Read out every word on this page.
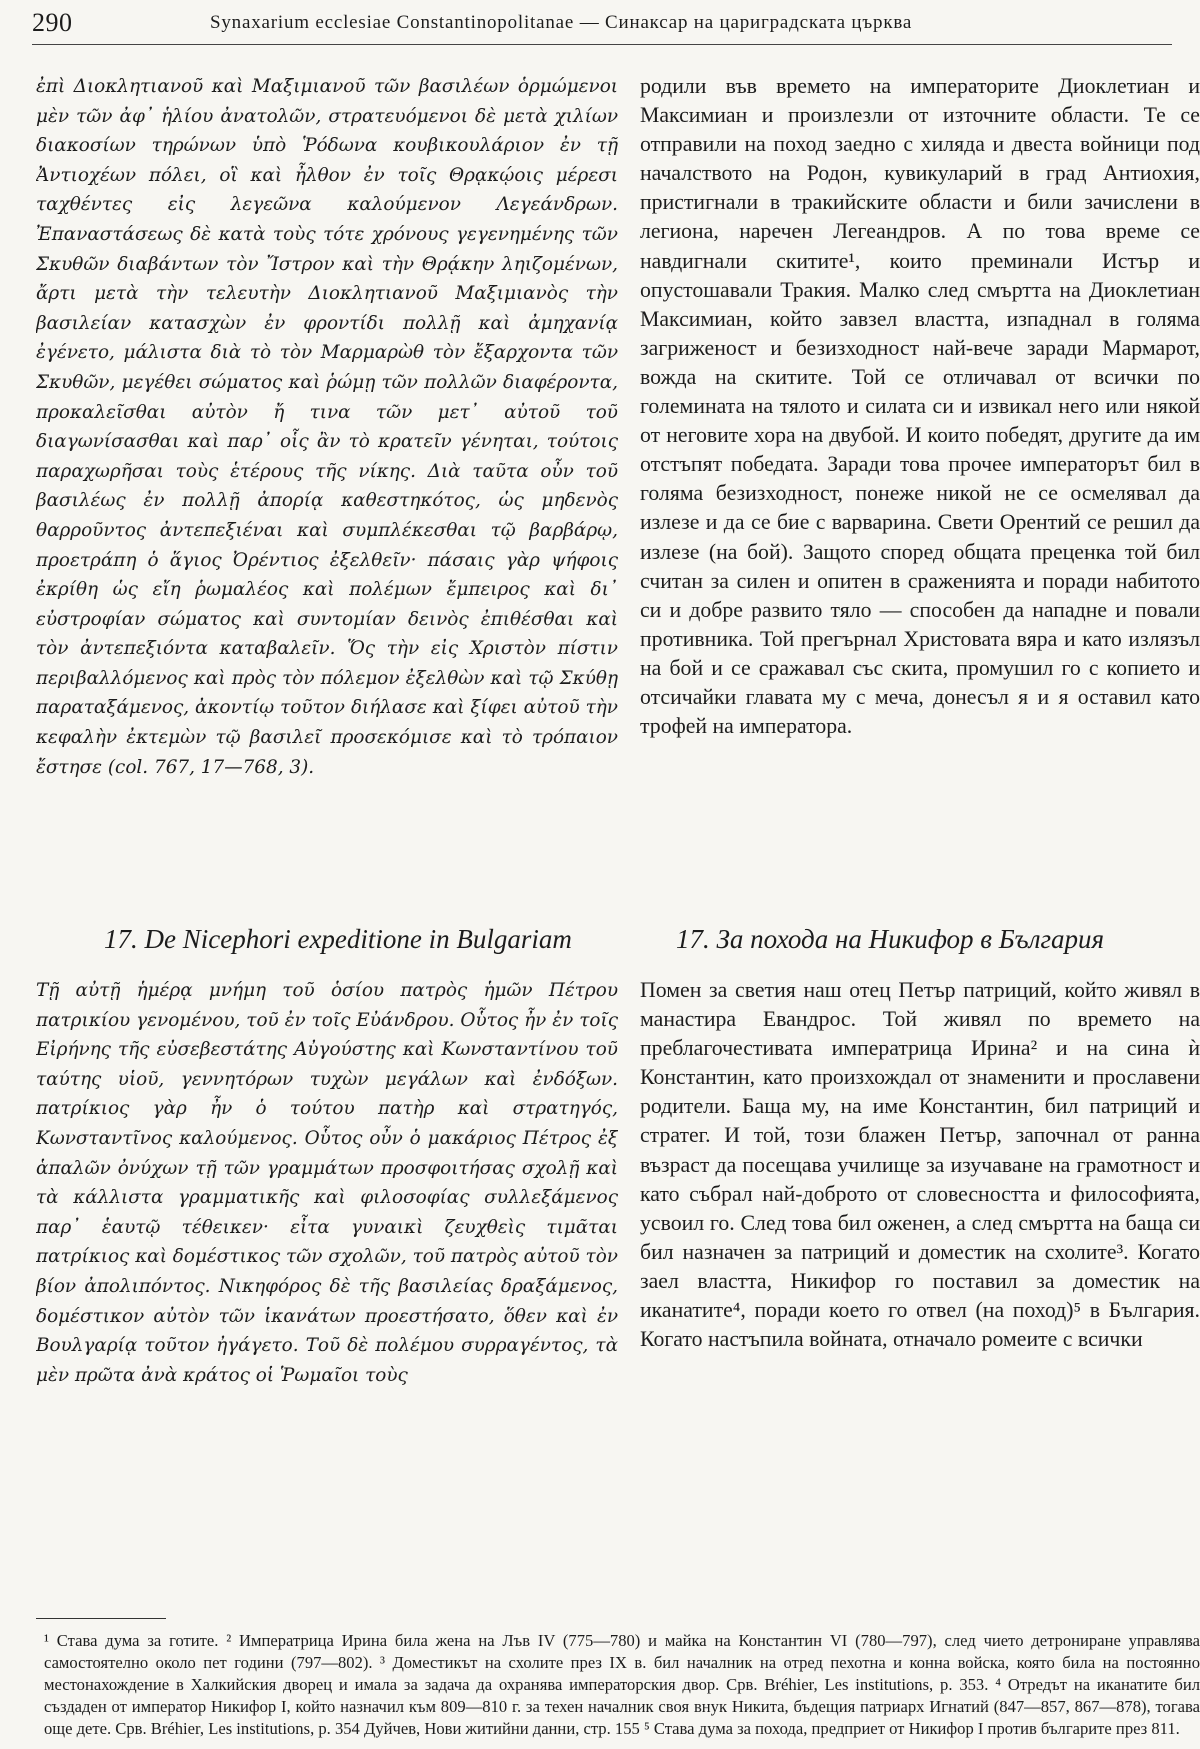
290	Synaxarium ecclesiae Constantinopolitanae — Синаксар на цариградската църква

ἐπὶ Διοκλητιανοῦ καὶ Μαξιμιανοῦ τῶν βασιλέων ὁρμώμενοι μὲν τῶν ἀφ᾽ ἡλίου ἀνατολῶν, στρατευόμενοι δὲ μετὰ χιλίων διακοσίων τηρώνων ὑπὸ Ῥόδωνα κουβικουλάριον ἐν τῇ Ἀντιοχέων πόλει, οἳ καὶ ἦλθον ἐν τοῖς Θρᾳκῴοις μέρεσι ταχθέντες εἰς λεγεῶνα καλούμενον Λεγεάνδρων. Ἐπαναστάσεως δὲ κατὰ τοὺς τότε χρόνους γεγενημένης τῶν Σκυθῶν διαβάντων τὸν Ἴστρον καὶ τὴν Θρᾴκην ληιζομένων, ἄρτι μετὰ τὴν τελευτὴν Διοκλητιανοῦ Μαξιμιανὸς τὴν βασιλείαν κατασχὼν ἐν φροντίδι πολλῇ καὶ ἀμηχανίᾳ ἐγένετο, μάλιστα διὰ τὸ τὸν Μαρμαρὼθ τὸν ἔξαρχοντα τῶν Σκυθῶν, μεγέθει σώματος καὶ ῥώμῃ τῶν πολλῶν διαφέροντα, προκαλεῖσθαι αὐτὸν ἤ τινα τῶν μετ᾽ αὐτοῦ τοῦ διαγωνίσασθαι καὶ παρ᾽ οἷς ἂν τὸ κρατεῖν γένηται, τούτοις παραχωρῆσαι τοὺς ἑτέρους τῆς νίκης. Διὰ ταῦτα οὖν τοῦ βασιλέως ἐν πολλῇ ἀπορίᾳ καθεστηκότος, ὡς μηδενὸς θαρροῦντος ἀντεπεξιέναι καὶ συμπλέκεσθαι τῷ βαρβάρῳ, προετράπη ὁ ἅγιος Ὀρέντιος ἐξελθεῖν· πάσαις γὰρ ψήφοις ἐκρίθη ὡς εἴη ῥωμαλέος καὶ πολέμων ἔμπειρος καὶ δι᾽ εὐστροφίαν σώματος καὶ συντομίαν δεινὸς ἐπιθέσθαι καὶ τὸν ἀντεπεξιόντα καταβαλεῖν. Ὅς τὴν εἰς Χριστὸν πίστιν περιβαλλόμενος καὶ πρὸς τὸν πόλεμον ἐξελθὼν καὶ τῷ Σκύθῃ παραταξάμενος, ἀκοντίῳ τοῦτον διήλασε καὶ ξίφει αὐτοῦ τὴν κεφαλὴν ἐκτεμὼν τῷ βασιλεῖ προσεκόμισε καὶ τὸ τρόπαιον ἔστησε (col. 767, 17—768, 3).

родили във времето на императорите Диоклетиан и Максимиан и произлезли от източните области. Те се отправили на поход заедно с хиляда и двеста войници под началството на Родон, кувикуларий в град Антиохия, пристигнали в тракийските области и били зачислени в легиона, наречен Легеандров. А по това време се навдигнали скитите¹, които преминали Истър и опустошавали Тракия. Малко след смъртта на Диоклетиан Максимиан, който завзел властта, изпаднал в голяма загриженост и безизходност най-вече заради Мармарот, вожда на скитите. Той се отличавал от всички по големината на тялото и силата си и извикал него или някой от неговите хора на двубой. И които победят, другите да им отстъпят победата. Заради това прочее императорът бил в голяма безизходност, понеже никой не се осмелявал да излезе и да се бие с варварина. Свети Орентий се решил да излезе (на бой). Защото според общата преценка той бил считан за силен и опитен в сраженията и поради набитото си и добре развито тяло — способен да нападне и повали противника. Той прегърнал Христовата вяра и като излязъл на бой и се сражавал със скита, промушил го с копието и отсичайки главата му с меча, донесъл я и я оставил като трофей на императора.

17. De Nicephori expeditione in Bulgariam	17. За похода на Никифор в България

Τῇ αὐτῇ ἡμέρᾳ μνήμη τοῦ ὁσίου πατρὸς ἡμῶν Πέτρου πατρικίου γενομένου, τοῦ ἐν τοῖς Εὐάνδρου. Οὗτος ἦν ἐν τοῖς Εἰρήνης τῆς εὐσεβεστάτης Αὐγούστης καὶ Κωνσταντίνου τοῦ ταύτης υἱοῦ, γεννητόρων τυχὼν μεγάλων καὶ ἐνδόξων. πατρίκιος γὰρ ἦν ὁ τούτου πατὴρ καὶ στρατηγός, Κωνσταντῖνος καλούμενος. Οὗτος οὖν ὁ μακάριος Πέτρος ἐξ ἁπαλῶν ὀνύχων τῇ τῶν γραμμάτων προσφοιτήσας σχολῇ καὶ τὰ κάλλιστα γραμματικῆς καὶ φιλοσοφίας συλλεξάμενος παρ᾽ ἑαυτῷ τέθεικεν· εἶτα γυναικὶ ζευχθεὶς τιμᾶται πατρίκιος καὶ δομέστικος τῶν σχολῶν, τοῦ πατρὸς αὐτοῦ τὸν βίον ἀπολιπόντος. Νικηφόρος δὲ τῆς βασιλείας δραξάμενος, δομέστικον αὐτὸν τῶν ἱκανάτων προεστήσατο, ὅθεν καὶ ἐν Βουλγαρίᾳ τοῦτον ἠγάγετο. Τοῦ δὲ πολέμου συρραγέντος, τὰ μὲν πρῶτα ἀνὰ κράτος οἱ Ῥωμαῖοι τοὺς

Помен за светия наш отец Петър патриций, който живял в манастира Евандрос. Той живял по времето на преблагочестивата императрица Ирина² и на сина ѝ Константин, като произхождал от знаменити и прославени родители. Баща му, на име Константин, бил патриций и стратег. И той, този блажен Петър, започнал от ранна възраст да посещава училище за изучаване на грамотност и като събрал най-доброто от словесността и философията, усвоил го. След това бил оженен, а след смъртта на баща си бил назначен за патриций и доместик на схолите³. Когато заел властта, Никифор го поставил за доместик на иканатите⁴, поради което го отвел (на поход)⁵ в България. Когато настъпила войната, отначало ромеите с всички

¹ Става дума за готите. ² Императрица Ирина била жена на Лъв IV (775—780) и майка на Константин VI (780—797), след чието детрониране управлява самостоятелно около пет години (797—802). ³ Доместикът на схолите през IX в. бил началник на отред пехотна и конна войска, която била на постоянно местонахождение в Халкийския дворец и имала за задача да охранява императорския двор. Срв. Bréhier, Les institutions, p. 353. ⁴ Отредът на иканатите бил създаден от император Никифор I, който назначил към 809—810 г. за техен началник своя внук Никита, бъдещия патриарх Игнатий (847—857, 867—878), тогава още дете. Срв. Bréhier, Les institutions, p. 354 Дуйчев, Нови житийни данни, стр. 155 ⁵ Става дума за похода, предприет от Никифор I против българите през 811.
